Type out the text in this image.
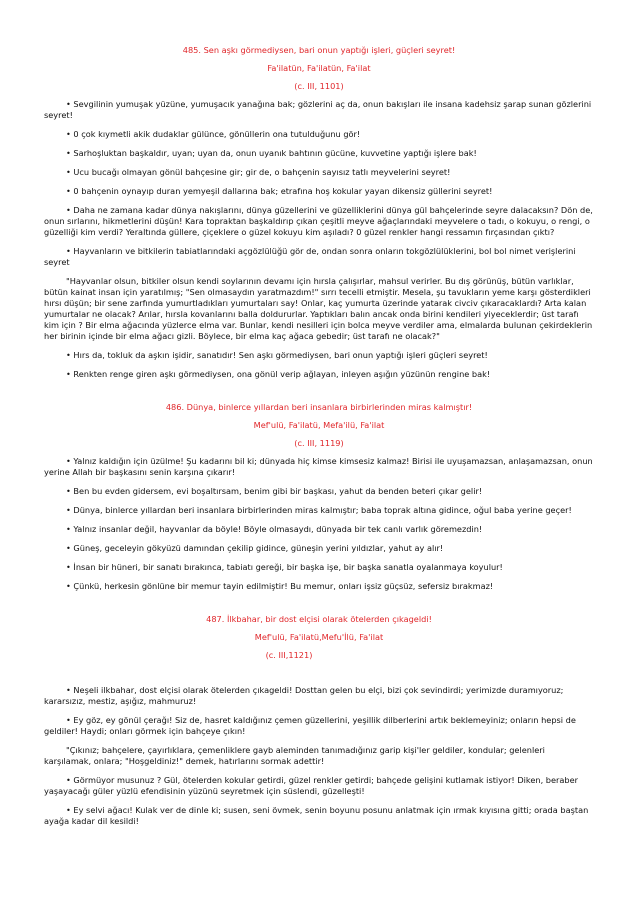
485. Sen aşkı görmediysen, bari onun yaptığı işleri, güçleri seyret!

Fa'ilatün, Fa'ilatün, Fa'ilat

(c. III, 1101)

• Sevgilinin yumuşak yüzüne, yumuşacık yanağına bak; gözlerini aç da, onun bakışları ile insana kadehsiz şarap sunan gözlerini seyret!

• 0 çok kıymetli akik dudaklar gülünce, gönüllerin ona tutulduğunu gör!

• Sarhoşluktan başkaldır, uyan; uyan da, onun uyanık bahtının gücüne, kuvvetine yaptığı işlere bak!

• Ucu bucağı olmayan gönül bahçesine gir; gir de, o bahçenin sayısız tatlı meyvelerini seyret!

• 0 bahçenin oynayıp duran yemyeşil dallarına bak; etrafına hoş kokular yayan dikensiz güllerini seyret!

• Daha ne zamana kadar dünya nakışlarını, dünya güzellerini ve güzelliklerini dünya gül bahçelerinde seyre dalacaksın? Dön de, onun sırlarını, hikmetlerini düşün! Kara topraktan başkaldırıp çıkan çeşitli meyve ağaçlarındaki meyvelere o tadı, o kokuyu, o rengi, o güzelliği kim verdi? Yeraltında güllere, çiçeklere o güzel kokuyu kim aşıladı? 0 güzel renkler hangi ressamın fırçasından çıktı?

• Hayvanların ve bitkilerin tabiatlarındaki açgözlülüğü gör de, ondan sonra onların tokgözlülüklerini, bol bol nimet verişlerini seyret

"Hayvanlar olsun, bitkiler olsun kendi soylarının devamı için hırsla çalışırlar, mahsul verirler. Bu dış görünüş, bütün varlıklar, bütün kainat insan için yaratılmış; "Sen olmasaydın yaratmazdım!" sırrı tecelli etmiştir. Mesela, şu tavukların yeme karşı gösterdikleri hırsı düşün; bir sene zarfında yumurtladıkları yumurtaları say! Onlar, kaç yumurta üzerinde yatarak civciv çıkaracaklardı? Arta kalan yumurtalar ne olacak? Arılar, hırsla kovanlarını balla doldururlar. Yaptıkları balın ancak onda birini kendileri yiyeceklerdir; üst tarafı kim için ? Bir elma ağacında yüzlerce elma var. Bunlar, kendi nesilleri için bolca meyve verdiler ama, elmalarda bulunan çekirdeklerin her birinin içinde bir elma ağacı gizli. Böylece, bir elma kaç ağaca gebedir; üst tarafı ne olacak?"

• Hırs da, tokluk da aşkın işidir, sanatıdır! Sen aşkı görmediysen, bari onun yaptığı işleri güçleri seyret!

• Renkten renge giren aşkı görmediysen, ona gönül verip ağlayan, inleyen aşığın yüzünün rengine bak!

486. Dünya, binlerce yıllardan beri insanlara birbirlerinden miras kalmıştır!

Mef'ulü, Fa'ilatü, Mefa'ilü, Fa'ilat

(c. III, 1119)

• Yalnız kaldığın için üzülme! Şu kadarını bil ki; dünyada hiç kimse kimsesiz kalmaz! Birisi ile uyuşamazsan, anlaşamazsan, onun yerine Allah bir başkasını senin karşına çıkarır!

• Ben bu evden gidersem, evi boşaltırsam, benim gibi bir başkası, yahut da benden beteri çıkar gelir!

• Dünya, binlerce yıllardan beri insanlara birbirlerinden miras kalmıştır; baba toprak altına gidince, oğul baba yerine geçer!

• Yalnız insanlar değil, hayvanlar da böyle! Böyle olmasaydı, dünyada bir tek canlı varlık göremezdin!

• Güneş, geceleyin gökyüzü damından çekilip gidince, güneşin yerini yıldızlar, yahut ay alır!

• İnsan bir hüneri, bir sanatı bırakınca, tabiatı gereği, bir başka işe, bir başka sanatla oyalanmaya koyulur!

• Çünkü, herkesin gönlüne bir memur tayin edilmiştir! Bu memur, onları işsiz güçsüz, sefersiz bırakmaz!

487. İlkbahar, bir dost elçisi olarak ötelerden çıkageldi!

Mef'ulü, Fa'ilatü,Mefu'İlü, Fa'ilat

(c. III,1121)

• Neşeli ilkbahar, dost elçisi olarak ötelerden çıkageldi! Dosttan gelen bu elçi, bizi çok sevindirdi; yerimizde duramıyoruz; kararsızız, mestiz, aşığız, mahmuruz!

• Ey göz, ey gönül çerağı! Siz de, hasret kaldığınız çemen güzellerini, yeşillik dilberlerini artık beklemeyiniz; onların hepsi de geldiler! Haydi; onları görmek için bahçeye çıkın!

"Çıkınız; bahçelere, çayırlıklara, çemenliklere gayb aleminden tanımadığınız garip kişi'ler geldiler, kondular; gelenleri karşılamak, onlara; "Hoşgeldiniz!" demek, hatırlarını sormak adettir!

• Görmüyor musunuz ? Gül, ötelerden kokular getirdi, güzel renkler getirdi; bahçede gelişini kutlamak istiyor! Diken, beraber yaşayacağı güler yüzlü efendisinin yüzünü seyretmek için süslendi, güzelleşti!

• Ey selvi ağacı! Kulak ver de dinle ki; susen, seni övmek, senin boyunu posunu anlatmak için ırmak kıyısına gitti; orada baştan ayağa kadar dil kesildi!
